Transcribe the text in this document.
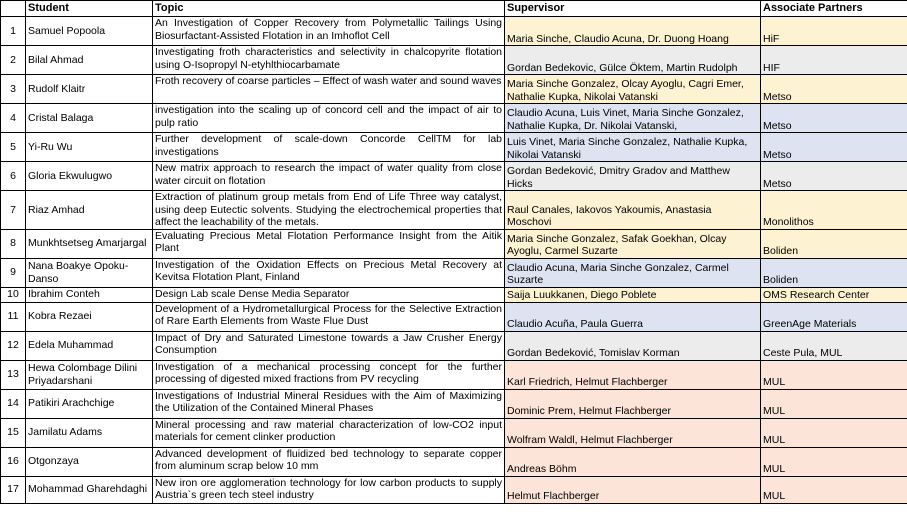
	Student	Topic	Supervisor	Associate Partners
1	Samuel Popoola	An Investigation of Copper Recovery from Polymetallic Tailings Using Biosurfactant-Assisted Flotation in an Imhoflot Cell	Maria Sinche, Claudio Acuna, Dr. Duong Hoang	HiF
2	Bilal Ahmad	Investigating froth characteristics and selectivity in chalcopyrite flotation using O-Isopropyl N-etyhlthiocarbamate	Gordan Bedekovic, Gülce Öktem, Martin Rudolph	HIF
3	Rudolf Klaitr	Froth recovery of coarse particles – Effect of wash water and sound waves	Maria Sinche Gonzalez, Olcay Ayoglu, Cagri Emer, Nathalie Kupka, Nikolai Vatanski	Metso
4	Cristal Balaga	investigation into the scaling up of concord cell and the impact of air to pulp ratio	Claudio Acuna, Luis Vinet, Maria Sinche Gonzalez, Nathalie Kupka, Dr. Nikolai Vatanski,	Metso
5	Yi-Ru Wu	Further development of scale-down Concorde CellTM for lab investigations	Luis Vinet, Maria Sinche Gonzalez, Nathalie Kupka, Nikolai Vatanski	Metso
6	Gloria Ekwulugwo	New matrix approach to research the impact of water quality from close water circuit on flotation	Gordan Bedeković, Dmitry Gradov and Matthew Hicks	Metso
7	Riaz Amhad	Extraction of platinum group metals from End of Life Three way catalyst, using deep Eutectic solvents. Studying the electrochemical properties that affect the leachability of the metals.	Raul Canales, Iakovos Yakoumis, Anastasia Moschovi	Monolithos
8	Munkhtsetseg Amarjargal	Evaluating Precious Metal Flotation Performance Insight from the Aitik Plant	Maria Sinche Gonzalez, Safak Goekhan, Olcay Ayoglu, Carmel Suzarte	Boliden
9	Nana Boakye Opoku-Danso	Investigation of the Oxidation Effects on Precious Metal Recovery at Kevitsa Flotation Plant, Finland	Claudio Acuna, Maria Sinche Gonzalez, Carmel Suzarte	Boliden
10	Ibrahim Conteh	Design Lab scale Dense Media Separator	Saija Luukkanen, Diego Poblete	OMS Research Center
11	Kobra Rezaei	Development of a Hydrometallurgical Process for the Selective Extraction of Rare Earth Elements from Waste Flue Dust	Claudio Acuña, Paula Guerra	GreenAge Materials
12	Edela Muhammad	Impact of Dry and Saturated Limestone towards a Jaw Crusher Energy Consumption	Gordan Bedeković, Tomislav Korman	Ceste Pula, MUL
13	Hewa Colombage Dilini Priyadarshani	Investigation of a mechanical processing concept for the further processing of digested mixed fractions from PV recycling	Karl Friedrich, Helmut Flachberger	MUL
14	Patikiri Arachchige	Investigations of Industrial Mineral Residues with the Aim of Maximizing the Utilization of the Contained Mineral Phases	Dominic Prem, Helmut Flachberger	MUL
15	Jamilatu Adams	Mineral processing and raw material characterization of low-CO2 input materials for cement clinker production	Wolfram Waldl, Helmut Flachberger	MUL
16	Otgonzaya	Advanced development of fluidized bed technology to separate copper from aluminum scrap below 10 mm	Andreas Böhm	MUL
17	Mohammad Gharehdaghi	New iron ore agglomeration technology for low carbon products to supply Austria`s green tech steel industry	Helmut Flachberger	MUL
